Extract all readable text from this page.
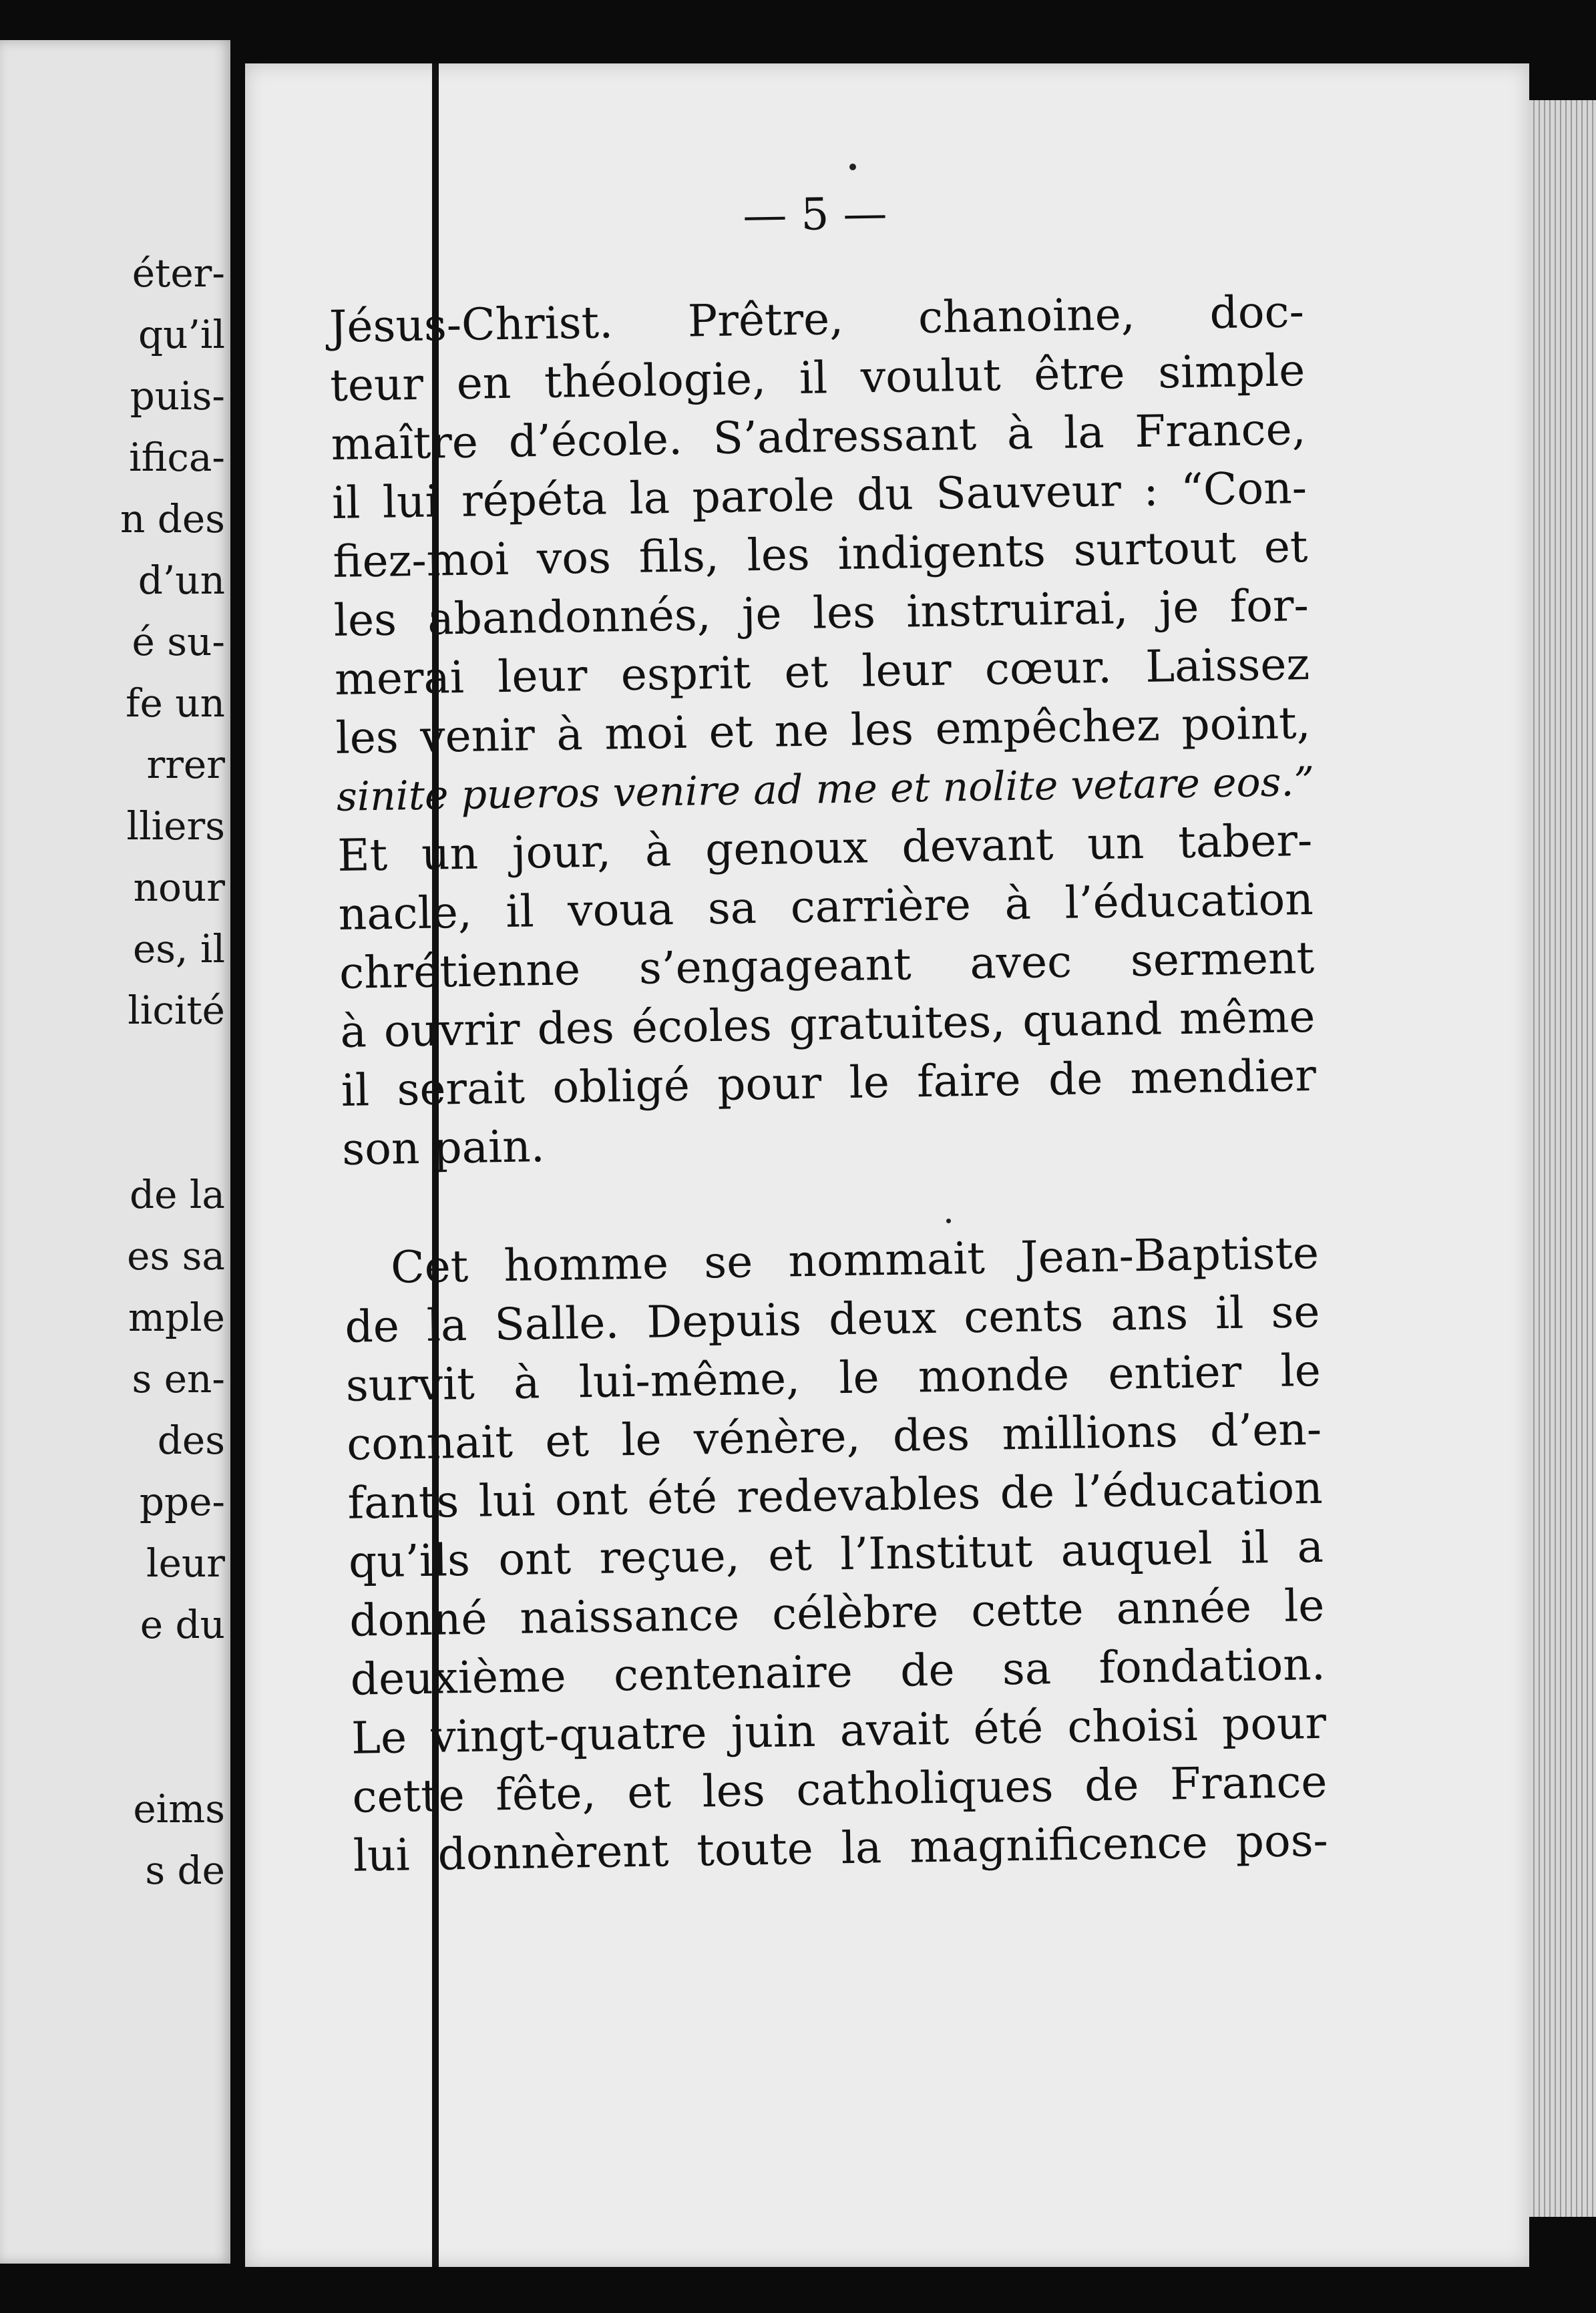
éter-
qu’il
puis-
ifica-
n des
d’un
é su-
fe un
rrer
lliers
nour
es, il
licité
de la
es sa
mple
s en-
des
ppe-
leur
e du
eims
s de
— 5 —
Jésus-Christ. Prêtre, chanoine, doc-
teur en théologie, il voulut être simple
maître d’école. S’adressant à la France,
il lui répéta la parole du Sauveur : “Con-
fiez-moi vos fils, les indigents surtout et
les abandonnés, je les instruirai, je for-
merai leur esprit et leur cœur. Laissez
les venir à moi et ne les empêchez point,
sinite pueros venire ad me et nolite vetare eos.”
Et un jour, à genoux devant un taber-
nacle, il voua sa carrière à l’éducation
chrétienne s’engageant avec serment
à ouvrir des écoles gratuites, quand même
il serait obligé pour le faire de mendier
son pain.
Cet homme se nommait Jean-Baptiste
de la Salle. Depuis deux cents ans il se
survit à lui-même, le monde entier le
connait et le vénère, des millions d’en-
fants lui ont été redevables de l’éducation
qu’ils ont reçue, et l’Institut auquel il a
donné naissance célèbre cette année le
deuxième centenaire de sa fondation.
Le vingt-quatre juin avait été choisi pour
cette fête, et les catholiques de France
lui donnèrent toute la magnificence pos-
